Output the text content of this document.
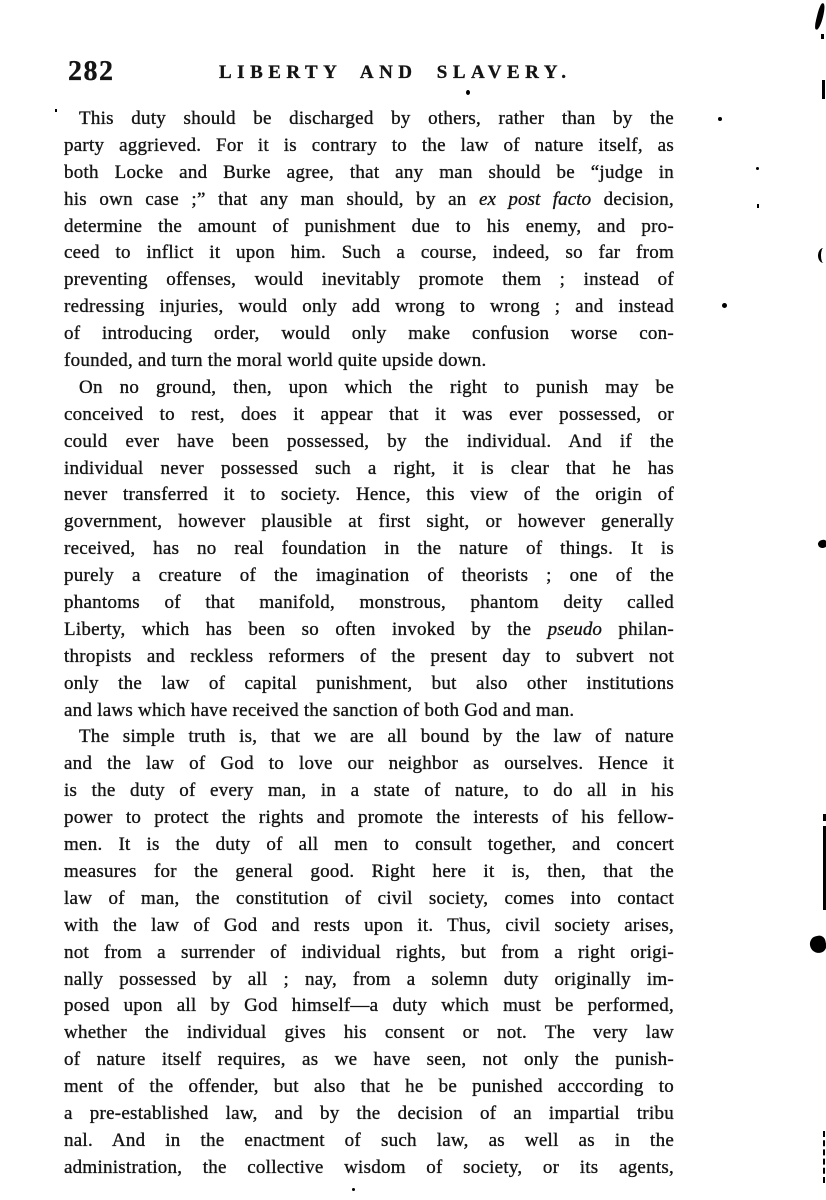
282	LIBERTY AND SLAVERY.
This duty should be discharged by others, rather than by the
party aggrieved. For it is contrary to the law of nature itself, as
both Locke and Burke agree, that any man should be “judge in
his own case ;” that any man should, by an ex post facto decision,
determine the amount of punishment due to his enemy, and pro-
ceed to inflict it upon him. Such a course, indeed, so far from
preventing offenses, would inevitably promote them ; instead of
redressing injuries, would only add wrong to wrong ; and instead
of introducing order, would only make confusion worse con-
founded, and turn the moral world quite upside down.
On no ground, then, upon which the right to punish may be
conceived to rest, does it appear that it was ever possessed, or
could ever have been possessed, by the individual. And if the
individual never possessed such a right, it is clear that he has
never transferred it to society. Hence, this view of the origin of
government, however plausible at first sight, or however generally
received, has no real foundation in the nature of things. It is
purely a creature of the imagination of theorists ; one of the
phantoms of that manifold, monstrous, phantom deity called
Liberty, which has been so often invoked by the pseudo philan-
thropists and reckless reformers of the present day to subvert not
only the law of capital punishment, but also other institutions
and laws which have received the sanction of both God and man.
The simple truth is, that we are all bound by the law of nature
and the law of God to love our neighbor as ourselves. Hence it
is the duty of every man, in a state of nature, to do all in his
power to protect the rights and promote the interests of his fellow-
men. It is the duty of all men to consult together, and concert
measures for the general good. Right here it is, then, that the
law of man, the constitution of civil society, comes into contact
with the law of God and rests upon it. Thus, civil society arises,
not from a surrender of individual rights, but from a right origi-
nally possessed by all ; nay, from a solemn duty originally im-
posed upon all by God himself—a duty which must be performed,
whether the individual gives his consent or not. The very law
of nature itself requires, as we have seen, not only the punish-
ment of the offender, but also that he be punished acccording to
a pre-established law, and by the decision of an impartial tribu
nal. And in the enactment of such law, as well as in the
administration, the collective wisdom of society, or its agents,
